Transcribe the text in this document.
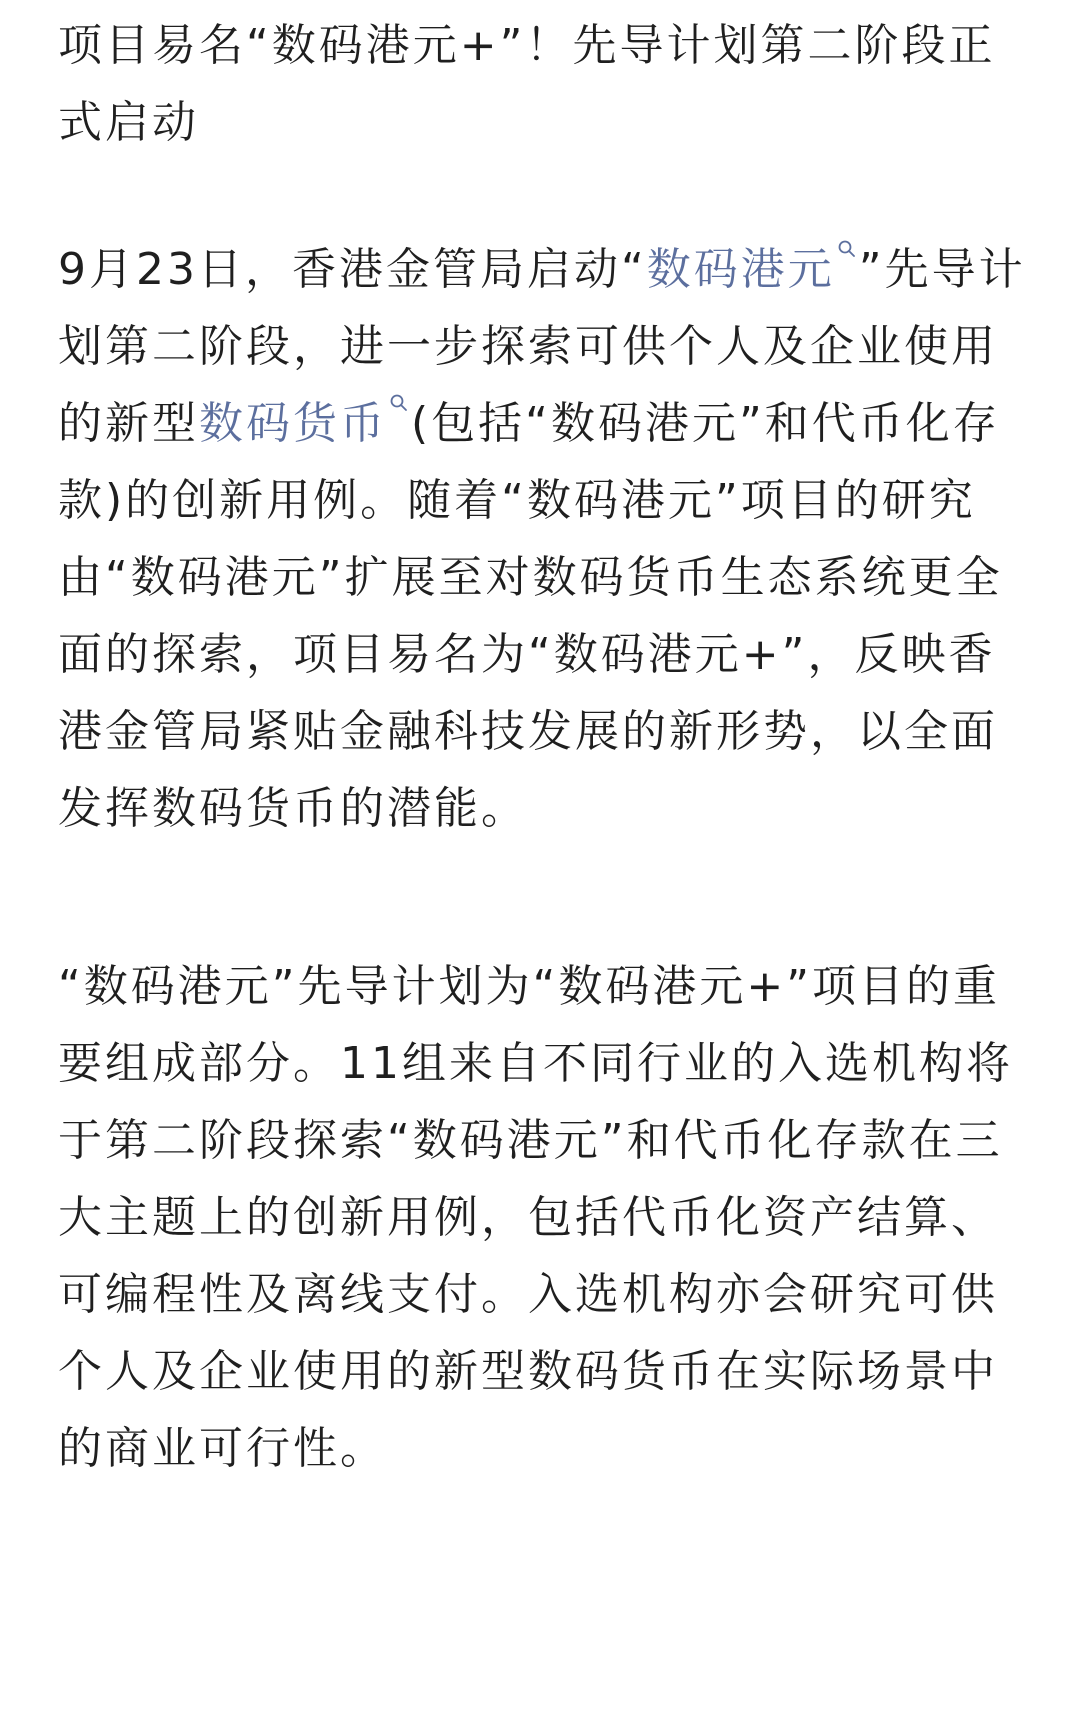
项目易名“数码港元+”！先导计划第二阶段正式启动

9月23日，香港金管局启动“数码港元 ”先导计划第二阶段，进一步探索可供个人及企业使用的新型数码货币 (包括“数码港元”和代币化存款)的创新用例。随着“数码港元”项目的研究由“数码港元”扩展至对数码货币生态系统更全面的探索，项目易名为“数码港元+”，反映香港金管局紧贴金融科技发展的新形势，以全面发挥数码货币的潜能。

“数码港元”先导计划为“数码港元+”项目的重要组成部分。11组来自不同行业的入选机构将于第二阶段探索“数码港元”和代币化存款在三大主题上的创新用例，包括代币化资产结算、可编程性及离线支付。入选机构亦会研究可供个人及企业使用的新型数码货币在实际场景中的商业可行性。
